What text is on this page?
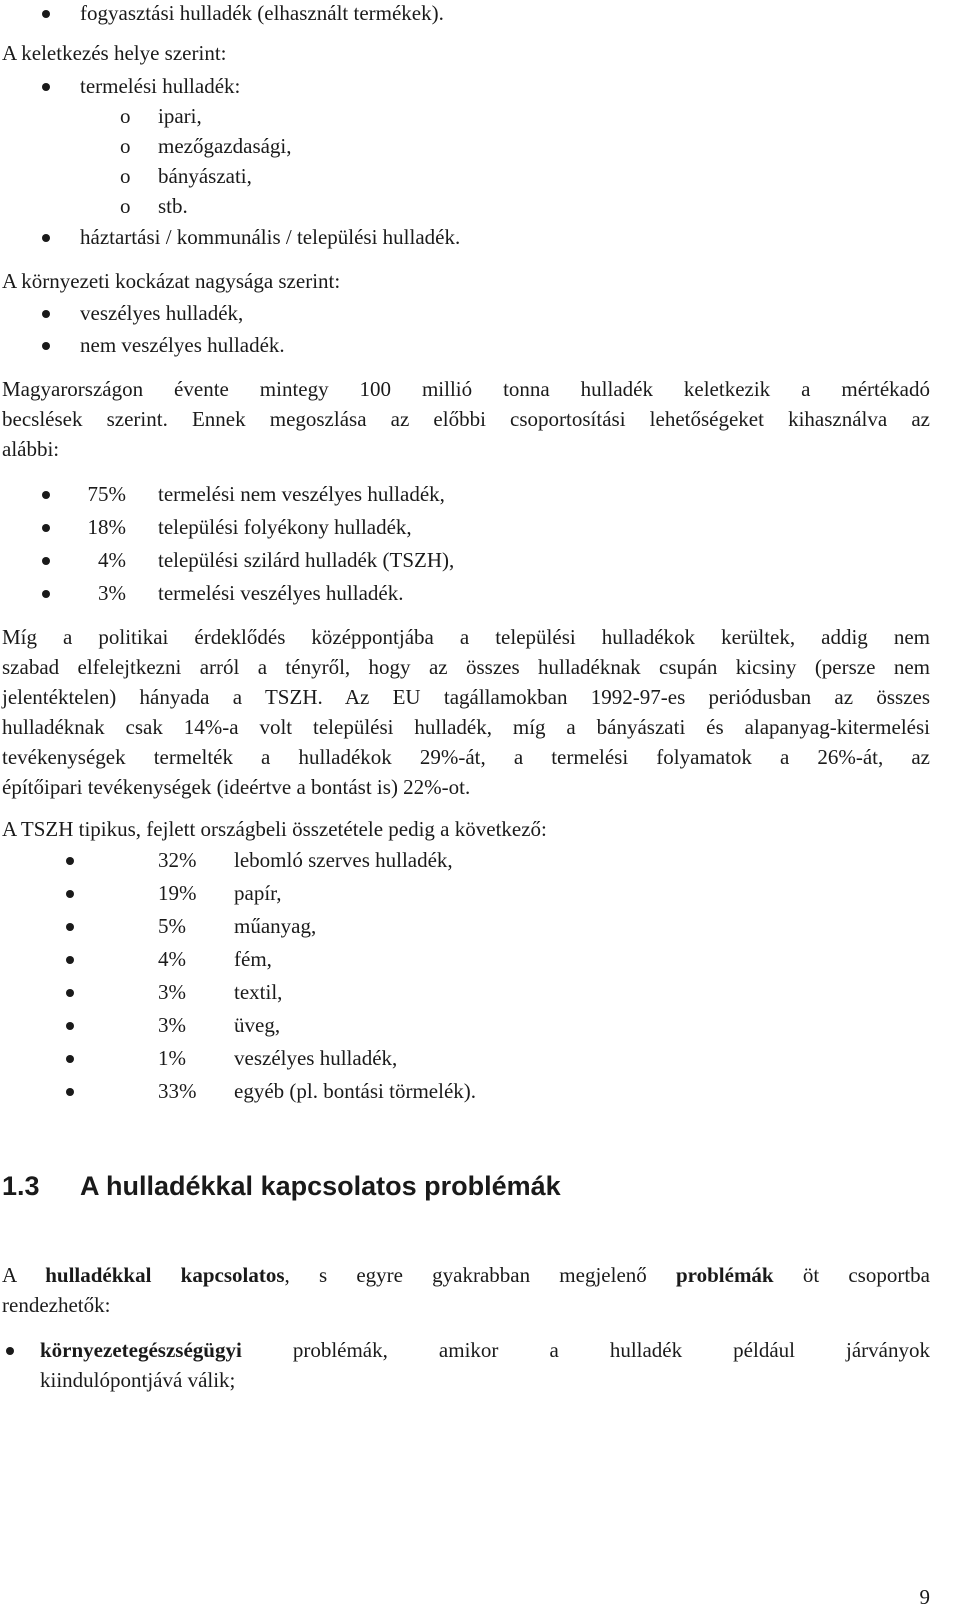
fogyasztási hulladék (elhasznált termékek).
A keletkezés helye szerint:
termelési hulladék:
o ipari,
o mezőgazdasági,
o bányászati,
o stb.
háztartási / kommunális / települési hulladék.
A környezeti kockázat nagysága szerint:
veszélyes hulladék,
nem veszélyes hulladék.
Magyarországon évente mintegy 100 millió tonna hulladék keletkezik a mértékadó
becslések szerint. Ennek megoszlása az előbbi csoportosítási lehetőségeket kihasználva az
alábbi:
75% termelési nem veszélyes hulladék,
18% települési folyékony hulladék,
4% települési szilárd hulladék (TSZH),
3% termelési veszélyes hulladék.
Míg a politikai érdeklődés középpontjába a települési hulladékok kerültek, addig nem
szabad elfelejtkezni arról a tényről, hogy az összes hulladéknak csupán kicsiny (persze nem
jelentéktelen) hányada a TSZH. Az EU tagállamokban 1992-97-es periódusban az összes
hulladéknak csak 14%-a volt települési hulladék, míg a bányászati és alapanyag-kitermelési
tevékenységek termelték a hulladékok 29%-át, a termelési folyamatok a 26%-át, az
építőipari tevékenységek (ideértve a bontást is) 22%-ot.
A TSZH tipikus, fejlett országbeli összetétele pedig a következő:
32%	lebomló szerves hulladék,
19%	papír,
5%	műanyag,
4%	fém,
3%	textil,
3%	üveg,
1%	veszélyes hulladék,
33%	egyéb (pl. bontási törmelék).
1.3 A hulladékkal kapcsolatos problémák
A hulladékkal kapcsolatos, s egyre gyakrabban megjelenő problémák öt csoportba
rendezhetők:
környezetegészségügyi problémák, amikor a hulladék például járványok
kiindulópontjává válik;
9
